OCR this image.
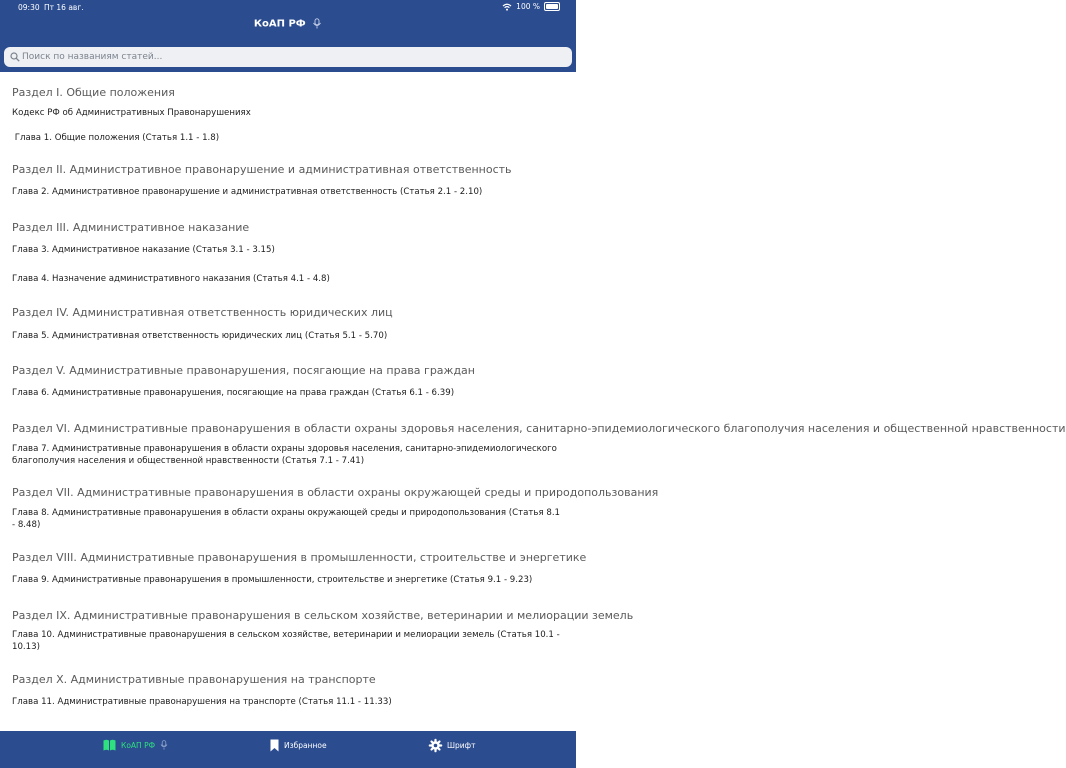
09:30 Пт 16 авг.	100 %
КоАП РФ
Поиск по названиям статей...
Раздел I. Общие положения
Кодекс РФ об Административных Правонарушениях
Глава 1. Общие положения (Статья 1.1 - 1.8)
Раздел II. Административное правонарушение и административная ответственность
Глава 2. Административное правонарушение и административная ответственность (Статья 2.1 - 2.10)
Раздел III. Административное наказание
Глава 3. Административное наказание (Статья 3.1 - 3.15)
Глава 4. Назначение административного наказания (Статья 4.1 - 4.8)
Раздел IV. Административная ответственность юридических лиц
Глава 5. Административная ответственность юридических лиц (Статья 5.1 - 5.70)
Раздел V. Административные правонарушения, посягающие на права граждан
Глава 6. Административные правонарушения, посягающие на права граждан (Статья 6.1 - 6.39)
Раздел VI. Административные правонарушения в области охраны здоровья населения, санитарно-эпидемиологического благополучия населения и общественной нравственности
Глава 7. Административные правонарушения в области охраны здоровья населения, санитарно-эпидемиологического благополучия населения и общественной нравственности (Статья 7.1 - 7.41)
Раздел VII. Административные правонарушения в области охраны окружающей среды и природопользования
Глава 8. Административные правонарушения в области охраны окружающей среды и природопользования (Статья 8.1 - 8.48)
Раздел VIII. Административные правонарушения в промышленности, строительстве и энергетике
Глава 9. Административные правонарушения в промышленности, строительстве и энергетике (Статья 9.1 - 9.23)
Раздел IX. Административные правонарушения в сельском хозяйстве, ветеринарии и мелиорации земель
Глава 10. Административные правонарушения в сельском хозяйстве, ветеринарии и мелиорации земель (Статья 10.1 - 10.13)
Раздел X. Административные правонарушения на транспорте
Глава 11. Административные правонарушения на транспорте (Статья 11.1 - 11.33)
КоАП РФ	Избранное	Шрифт
